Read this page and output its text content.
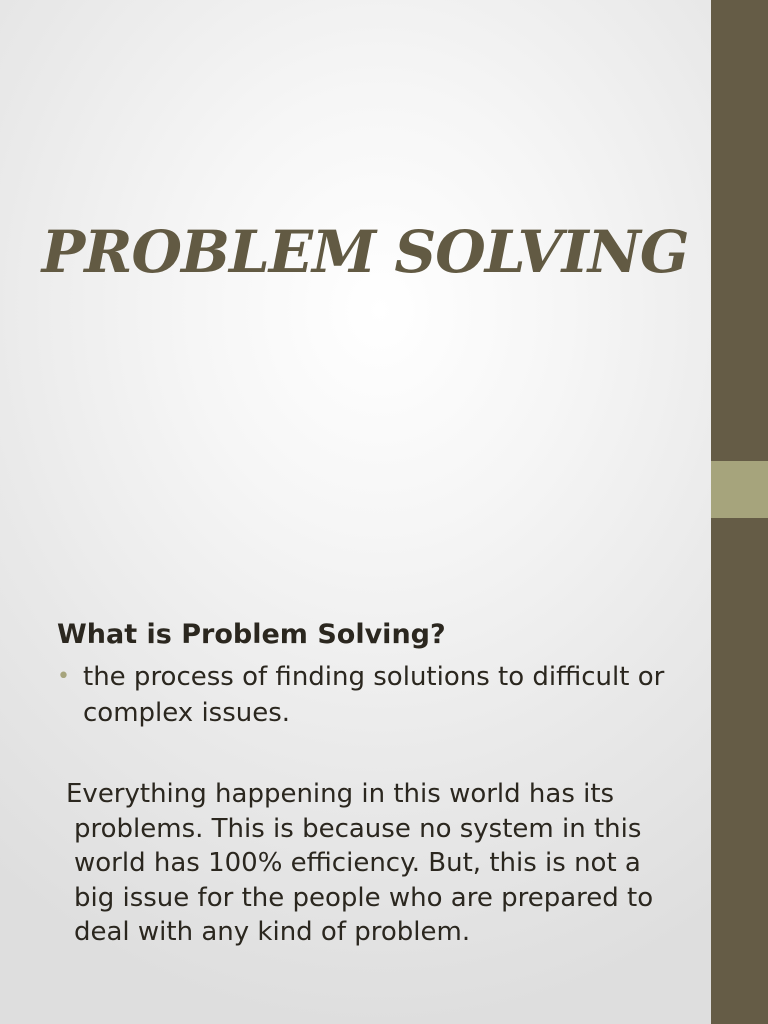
PROBLEM SOLVING
What is Problem Solving?
• the process of finding solutions to difficult or complex issues.

Everything happening in this world has its problems. This is because no system in this world has 100% efficiency. But, this is not a big issue for the people who are prepared to deal with any kind of problem.
